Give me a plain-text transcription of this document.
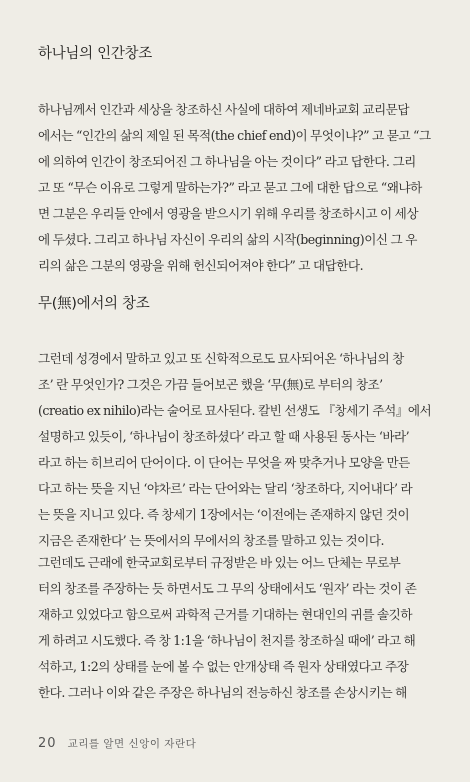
하나님의 인간창조
하나님께서 인간과 세상을 창조하신 사실에 대하여 제네바교회 교리문답
에서는 “인간의 삶의 제일 된 목적(the chief end)이 무엇이냐?” 고 묻고 “그
에 의하여 인간이 창조되어진 그 하나님을 아는 것이다” 라고 답한다. 그리
고 또 “무슨 이유로 그렇게 말하는가?” 라고 묻고 그에 대한 답으로 “왜냐하
면 그분은 우리들 안에서 영광을 받으시기 위해 우리를 창조하시고 이 세상
에 두셨다. 그리고 하나님 자신이 우리의 삶의 시작(beginning)이신 그 우
리의 삶은 그분의 영광을 위해 헌신되어져야 한다” 고 대답한다.
무(無)에서의 창조
그런데 성경에서 말하고 있고 또 신학적으로도 묘사되어온 ‘하나님의 창
조’ 란 무엇인가? 그것은 가끔 들어보곤 했을 ‘무(無)로 부터의 창조’
(creatio ex nihilo)라는 술어로 묘사된다. 칼빈 선생도 『창세기 주석』에서
설명하고 있듯이, ‘하나님이 창조하셨다’ 라고 할 때 사용된 동사는 ‘바라’
라고 하는 히브리어 단어이다. 이 단어는 무엇을 짜 맞추거나 모양을 만든
다고 하는 뜻을 지닌 ‘야차르’ 라는 단어와는 달리 ‘창조하다, 지어내다’ 라
는 뜻을 지니고 있다. 즉 창세기 1장에서는 ‘이전에는 존재하지 않던 것이
지금은 존재한다’ 는 뜻에서의 무에서의 창조를 말하고 있는 것이다.
그런데도 근래에 한국교회로부터 규정받은 바 있는 어느 단체는 무로부
터의 창조를 주장하는 듯 하면서도 그 무의 상태에서도 ‘원자’ 라는 것이 존
재하고 있었다고 함으로써 과학적 근거를 기대하는 현대인의 귀를 솔깃하
게 하려고 시도했다. 즉 창 1:1을 ‘하나님이 천지를 창조하실 때에’ 라고 해
석하고, 1:2의 상태를 눈에 볼 수 없는 안개상태 즉 원자 상태였다고 주장
한다. 그러나 이와 같은 주장은 하나님의 전능하신 창조를 손상시키는 해
20 교리를 알면 신앙이 자란다
